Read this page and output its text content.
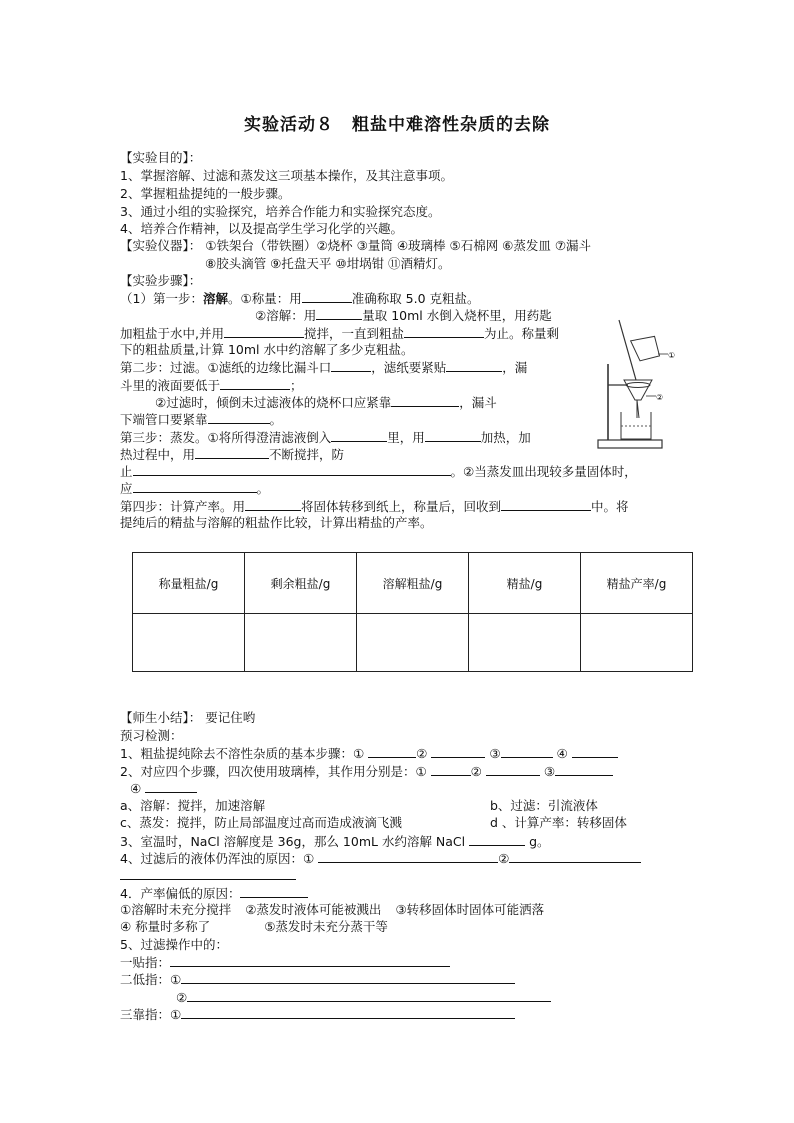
实验活动８　粗盐中难溶性杂质的去除
【实验目的】：
1、掌握溶解、过滤和蒸发这三项基本操作，及其注意事项。
2、掌握粗盐提纯的一般步骤。
3、通过小组的实验探究，培养合作能力和实验探究态度。
4、培养合作精神，以及提高学生学习化学的兴趣。
【实验仪器】： ①铁架台（带铁圈）②烧杯 ③量筒 ④玻璃棒 ⑤石棉网 ⑥蒸发皿 ⑦漏斗
⑧胶头滴管 ⑨托盘天平 ⑩坩埚钳 ⑪酒精灯。
【实验步骤】：
（1）第一步：溶解。①称量：用	准确称取 5.0 克粗盐。
②溶解：用	量取 10ml 水倒入烧杯里，用药匙
加粗盐于水中,并用	搅拌，一直到粗盐	为止。称量剩
下的粗盐质量,计算 10ml 水中约溶解了多少克粗盐。
第二步：过滤。①滤纸的边缘比漏斗口	，滤纸要紧贴	，漏
斗里的液面要低于	；
②过滤时，倾倒未过滤液体的烧杯口应紧靠	，漏斗
下端管口要紧靠	。
第三步：蒸发。①将所得澄清滤液倒入	里，用	加热，加
热过程中，用	不断搅拌，防
止	。②当蒸发皿出现较多量固体时，
应	。
第四步：计算产率。用	将固体转移到纸上，称量后，回收到	中。将
提纯后的精盐与溶解的粗盐作比较，计算出精盐的产率。
①
②
称量粗盐/g	剩余粗盐/g	溶解粗盐/g	精盐/g	精盐产率/g

【师生小结】： 要记住哟
预习检测：
1、粗盐提纯除去不溶性杂质的基本步骤：①	②	③	④
2、对应四个步骤，四次使用玻璃棒，其作用分别是：①	②	③
④
a、溶解：搅拌，加速溶解	b、过滤：引流液体
c、蒸发：搅拌，防止局部温度过高而造成液滴飞溅	d 、计算产率：转移固体
3、室温时，NaCl 溶解度是 36g，那么 10mL 水约溶解 NaCl	g。
4、过滤后的液体仍浑浊的原因：①	②
4．产率偏低的原因：
①溶解时未充分搅拌 ②蒸发时液体可能被溅出 ③转移固体时固体可能洒落
④ 称量时多称了	⑤蒸发时未充分蒸干等
5、过滤操作中的：
一贴指：
二低指：①
②
三靠指：①
